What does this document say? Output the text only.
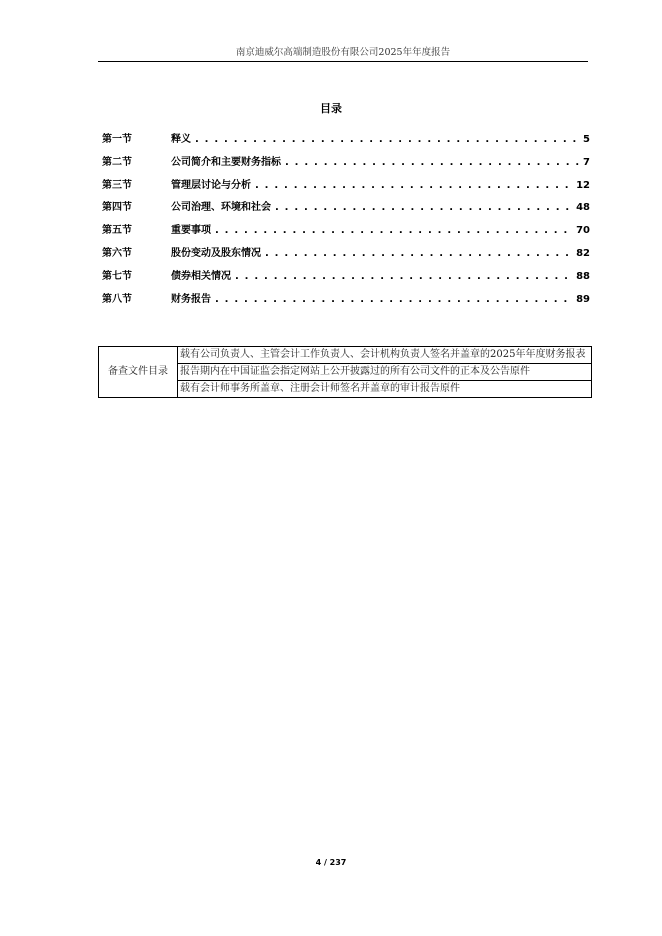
南京迪威尔高端制造股份有限公司2025年年度报告
目录
第一节	释义 . . .	5
第二节	公司简介和主要财务指标 . . .	7
第三节	管理层讨论与分析 . . .	12
第四节	公司治理、环境和社会 . . .	48
第五节	重要事项 . . .	70
第六节	股份变动及股东情况 . . .	82
第七节	债券相关情况 . . .	88
第八节	财务报告 . . .	89
备查文件目录	载有公司负责人、主管会计工作负责人、会计机构负责人签名并盖章的2025年年度财务报表
报告期内在中国证监会指定网站上公开披露过的所有公司文件的正本及公告原件
载有会计师事务所盖章、注册会计师签名并盖章的审计报告原件
4 / 237
